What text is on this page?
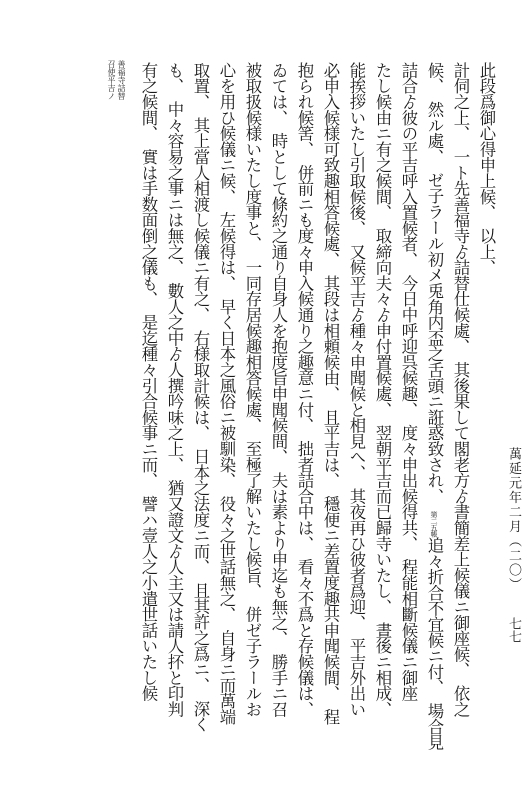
召使平吉ノ 善福寺詰替 有之候間、　實は手数面倒之儀も、　是迄種々引合候事ニ而、　譬ハ壹人之小遣世話いたし候 も、　中々容易之事ニは無之、　數人之中ゟ人撰吟味之上、　猶又證文ゟ人主又は請人抔と印判 取置、　其上當人相渡し候儀ニ有之、　右様取計候は、　日本之法度ニ而、　且其許之爲ニ、　深く 心を用ひ候儀ニ候、　左候得は、　早く日本之風俗ニ被馴染、　役々之世話無之、　自身ニ而萬端 被取扱候様いたし度事と、　一同存居候趣相答候處、　至極了解いたし候旨、　併ゼ子ラールお ゐては、　時として條約之通り自身人を抱度旨申聞候間、　夫は素より申迄も無之、　勝手ニ召 抱られ候筈、　併前ニも度々申入候通り之趣意ニ付、　拙者詰合中は、　看々不爲と存候儀は、 必申入候様可致趣相答候處、　其段は相頼候由、　且平吉は、　穩便ニ差置度趣共申聞候間、　程 能挨拶いたし引取候後、　又候平吉ゟ種々申聞候と相見へ、　其夜再ひ彼者爲迎、　平吉外出い たし候由ニ有之候間、　取締向夫々ゟ申付置候處、　翌朝平吉而已歸寺いたし、　晝後ニ相成、 詰合ゟ彼の平吉呼入置候者、　今日中呼迎呉候趣、　度々申出候得共、　程能相斷候儀ニ御座 候、　然ル處、　ゼ子ラール初メ兎角内盃之舌頭ニ誑惑致され、　
第二
五帳
追々折合不宜候ニ付、　場合見 計伺之上、　一ト先善福寺ゟ詰替仕候處、　其後果して閣老方ゟ書簡差上候儀ニ御座候、　依之 此段爲御心得申上候、　以上、
萬延元年二月（二〇）
七七
